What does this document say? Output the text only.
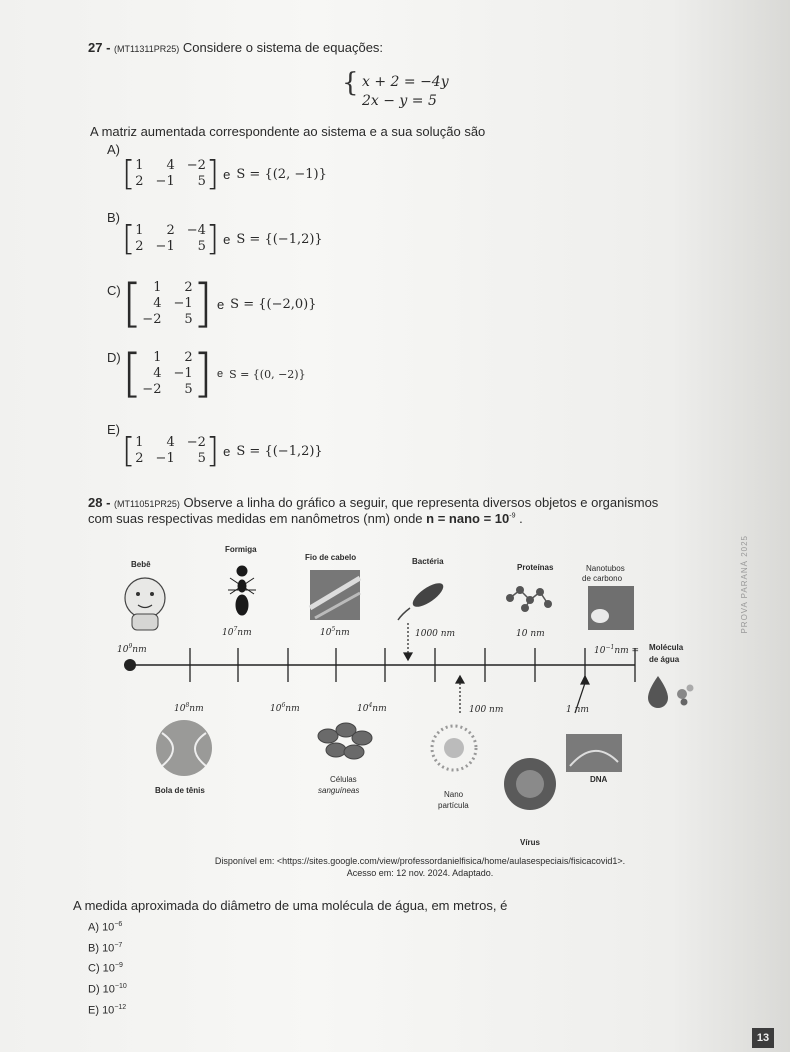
27 - (MT11311PR25) Considere o sistema de equações:
{ x + 2 = −4y
2x − y = 5
A matriz aumentada correspondente ao sistema e a sua solução são
A)
[ 1	4 −2
2 −1	5 ] e S = {(2, −1)}
B)
[ 1	2 −4
2 −1	5 ] e S = {(−1,2)}
C) [ 1	2
4 −1
−2	5 ] e S = {(−2,0)}
D) [ 1	2
4 −1
−2	5 ] e S = {(0, −2)}
E)
[ 1	4 −2
2 −1	5 ] e S = {(−1,2)}
28 - (MT11051PR25) Observe a linha do gráfico a seguir, que representa diversos objetos e organismos
com suas respectivas medidas em nanômetros (nm) onde n = nano = $10^{-9}$ .
Bebê
Formiga
Fio de cabelo	Bactéria
Proteínas	Nanotubos
de carbono
$10^9nm$
$10^7nm$	$10^5nm$	1000 nm	10 nm
$10^{-1}nm$ = Molécula
de água
$10^8nm$	$10^6nm$	$10^4nm$	100 nm	1 nm
Bola de tênis
Células
sanguíneas	Nano
partícula
DNA
Vírus
Disponível em: <https://sites.google.com/view/professordanielfisica/home/aulasespeciais/fisicacovid1>.
Acesso em: 12 nov. 2024. Adaptado.
A medida aproximada do diâmetro de uma molécula de água, em metros, é
A) $10^{-6}$
B) $10^{-7}$
C) $10^{-9}$
D) $10^{-10}$
E) $10^{-12}$
PROVA PARANÁ 2025
13
